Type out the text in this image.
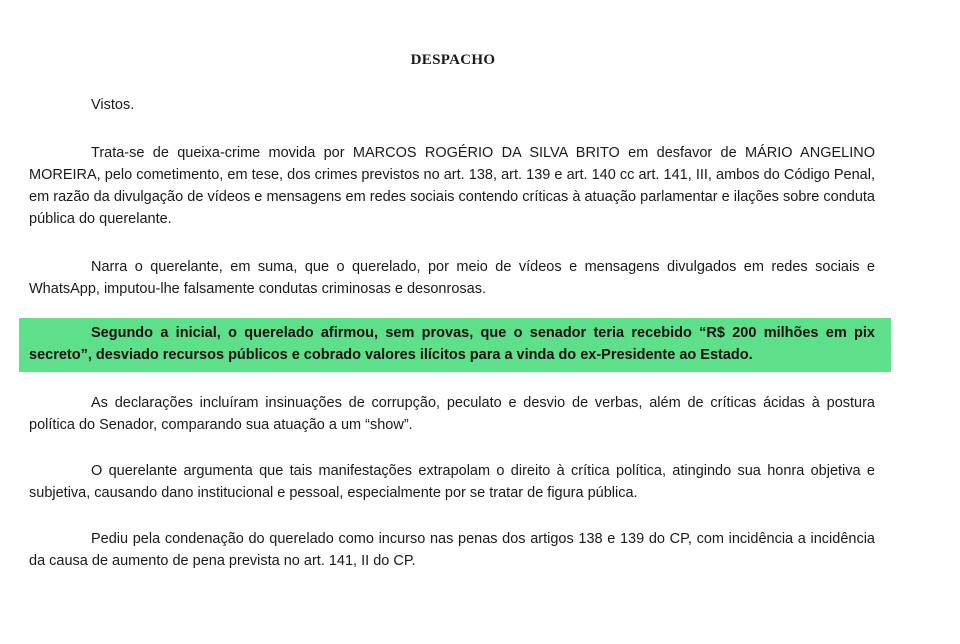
DESPACHO

Vistos.

Trata-se de queixa-crime movida por MARCOS ROGÉRIO DA SILVA BRITO em desfavor de MÁRIO ANGELINO MOREIRA, pelo cometimento, em tese, dos crimes previstos no art. 138, art. 139 e art. 140 cc art. 141, III, ambos do Código Penal, em razão da divulgação de vídeos e mensagens em redes sociais contendo críticas à atuação parlamentar e ilações sobre conduta pública do querelante.

Narra o querelante, em suma, que o querelado, por meio de vídeos e mensagens divulgados em redes sociais e WhatsApp, imputou-lhe falsamente condutas criminosas e desonrosas.

Segundo a inicial, o querelado afirmou, sem provas, que o senador teria recebido “R$ 200 milhões em pix secreto”, desviado recursos públicos e cobrado valores ilícitos para a vinda do ex-Presidente ao Estado.

As declarações incluíram insinuações de corrupção, peculato e desvio de verbas, além de críticas ácidas à postura política do Senador, comparando sua atuação a um “show”.

O querelante argumenta que tais manifestações extrapolam o direito à crítica política, atingindo sua honra objetiva e subjetiva, causando dano institucional e pessoal, especialmente por se tratar de figura pública.

Pediu pela condenação do querelado como incurso nas penas dos artigos 138 e 139 do CP, com incidência a incidência da causa de aumento de pena prevista no art. 141, II do CP.
